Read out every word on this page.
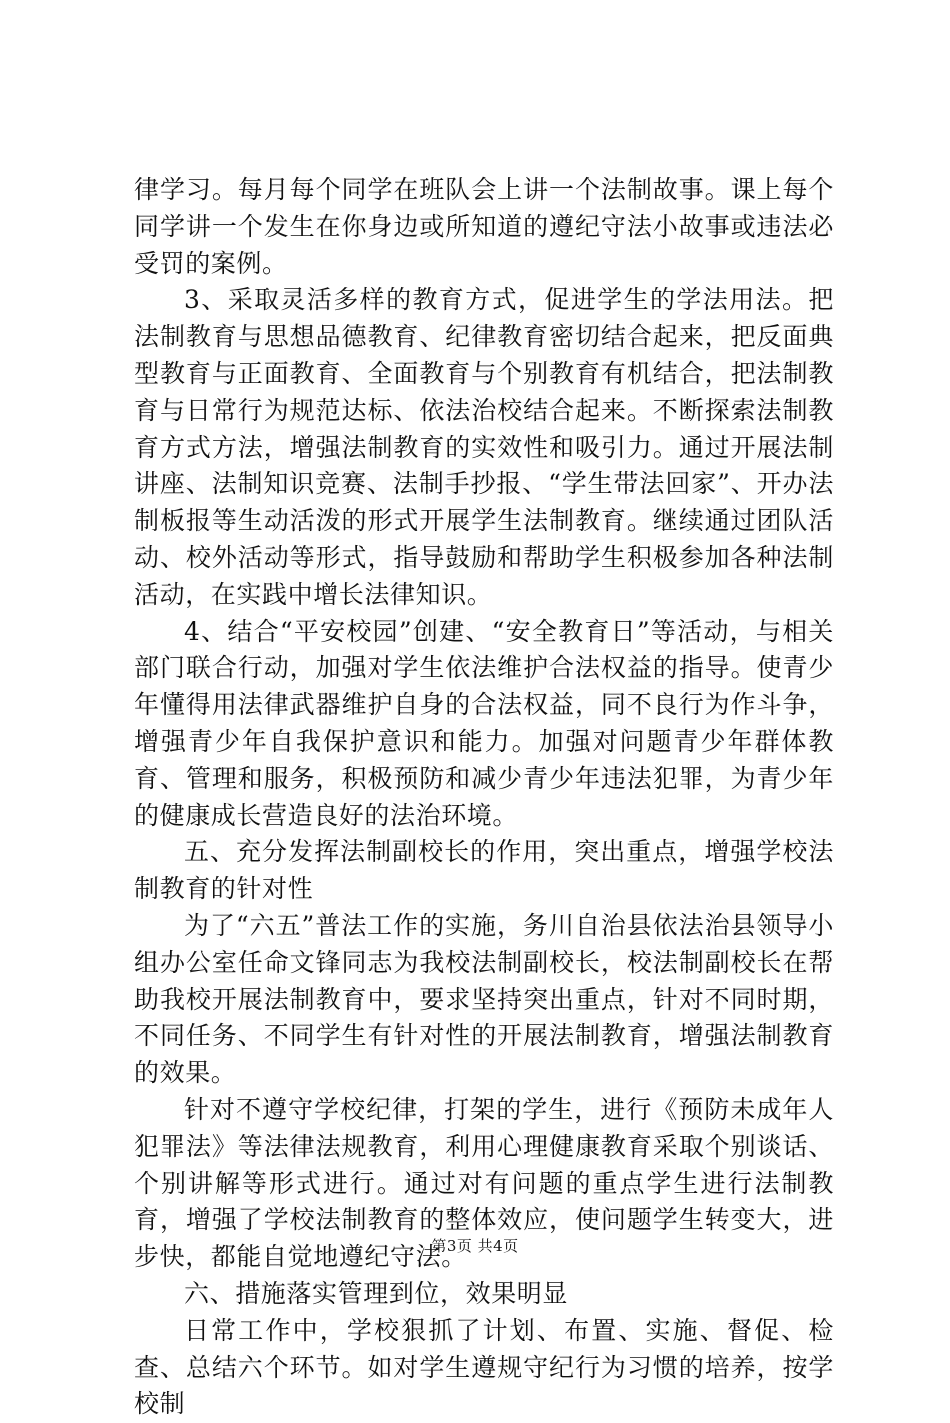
律学习。每月每个同学在班队会上讲一个法制故事。课上每个同学讲一个发生在你身边或所知道的遵纪守法小故事或违法必受罚的案例。

3、采取灵活多样的教育方式，促进学生的学法用法。把法制教育与思想品德教育、纪律教育密切结合起来，把反面典型教育与正面教育、全面教育与个别教育有机结合，把法制教育与日常行为规范达标、依法治校结合起来。不断探索法制教育方式方法，增强法制教育的实效性和吸引力。通过开展法制讲座、法制知识竞赛、法制手抄报、“学生带法回家”、开办法制板报等生动活泼的形式开展学生法制教育。继续通过团队活动、校外活动等形式，指导鼓励和帮助学生积极参加各种法制活动，在实践中增长法律知识。

4、结合“平安校园”创建、“安全教育日”等活动，与相关部门联合行动，加强对学生依法维护合法权益的指导。使青少年懂得用法律武器维护自身的合法权益，同不良行为作斗争，增强青少年自我保护意识和能力。加强对问题青少年群体教育、管理和服务，积极预防和减少青少年违法犯罪，为青少年的健康成长营造良好的法治环境。

五、充分发挥法制副校长的作用，突出重点，增强学校法制教育的针对性

为了“六五”普法工作的实施，务川自治县依法治县领导小组办公室任命文锋同志为我校法制副校长，校法制副校长在帮助我校开展法制教育中，要求坚持突出重点，针对不同时期，不同任务、不同学生有针对性的开展法制教育，增强法制教育的效果。

针对不遵守学校纪律，打架的学生，进行《预防未成年人犯罪法》等法律法规教育，利用心理健康教育采取个别谈话、个别讲解等形式进行。通过对有问题的重点学生进行法制教育，增强了学校法制教育的整体效应，使问题学生转变大，进步快，都能自觉地遵纪守法。

六、措施落实管理到位，效果明显

日常工作中，学校狠抓了计划、布置、实施、督促、检查、总结六个环节。如对学生遵规守纪行为习惯的培养，按学校制

第3页 共4页
